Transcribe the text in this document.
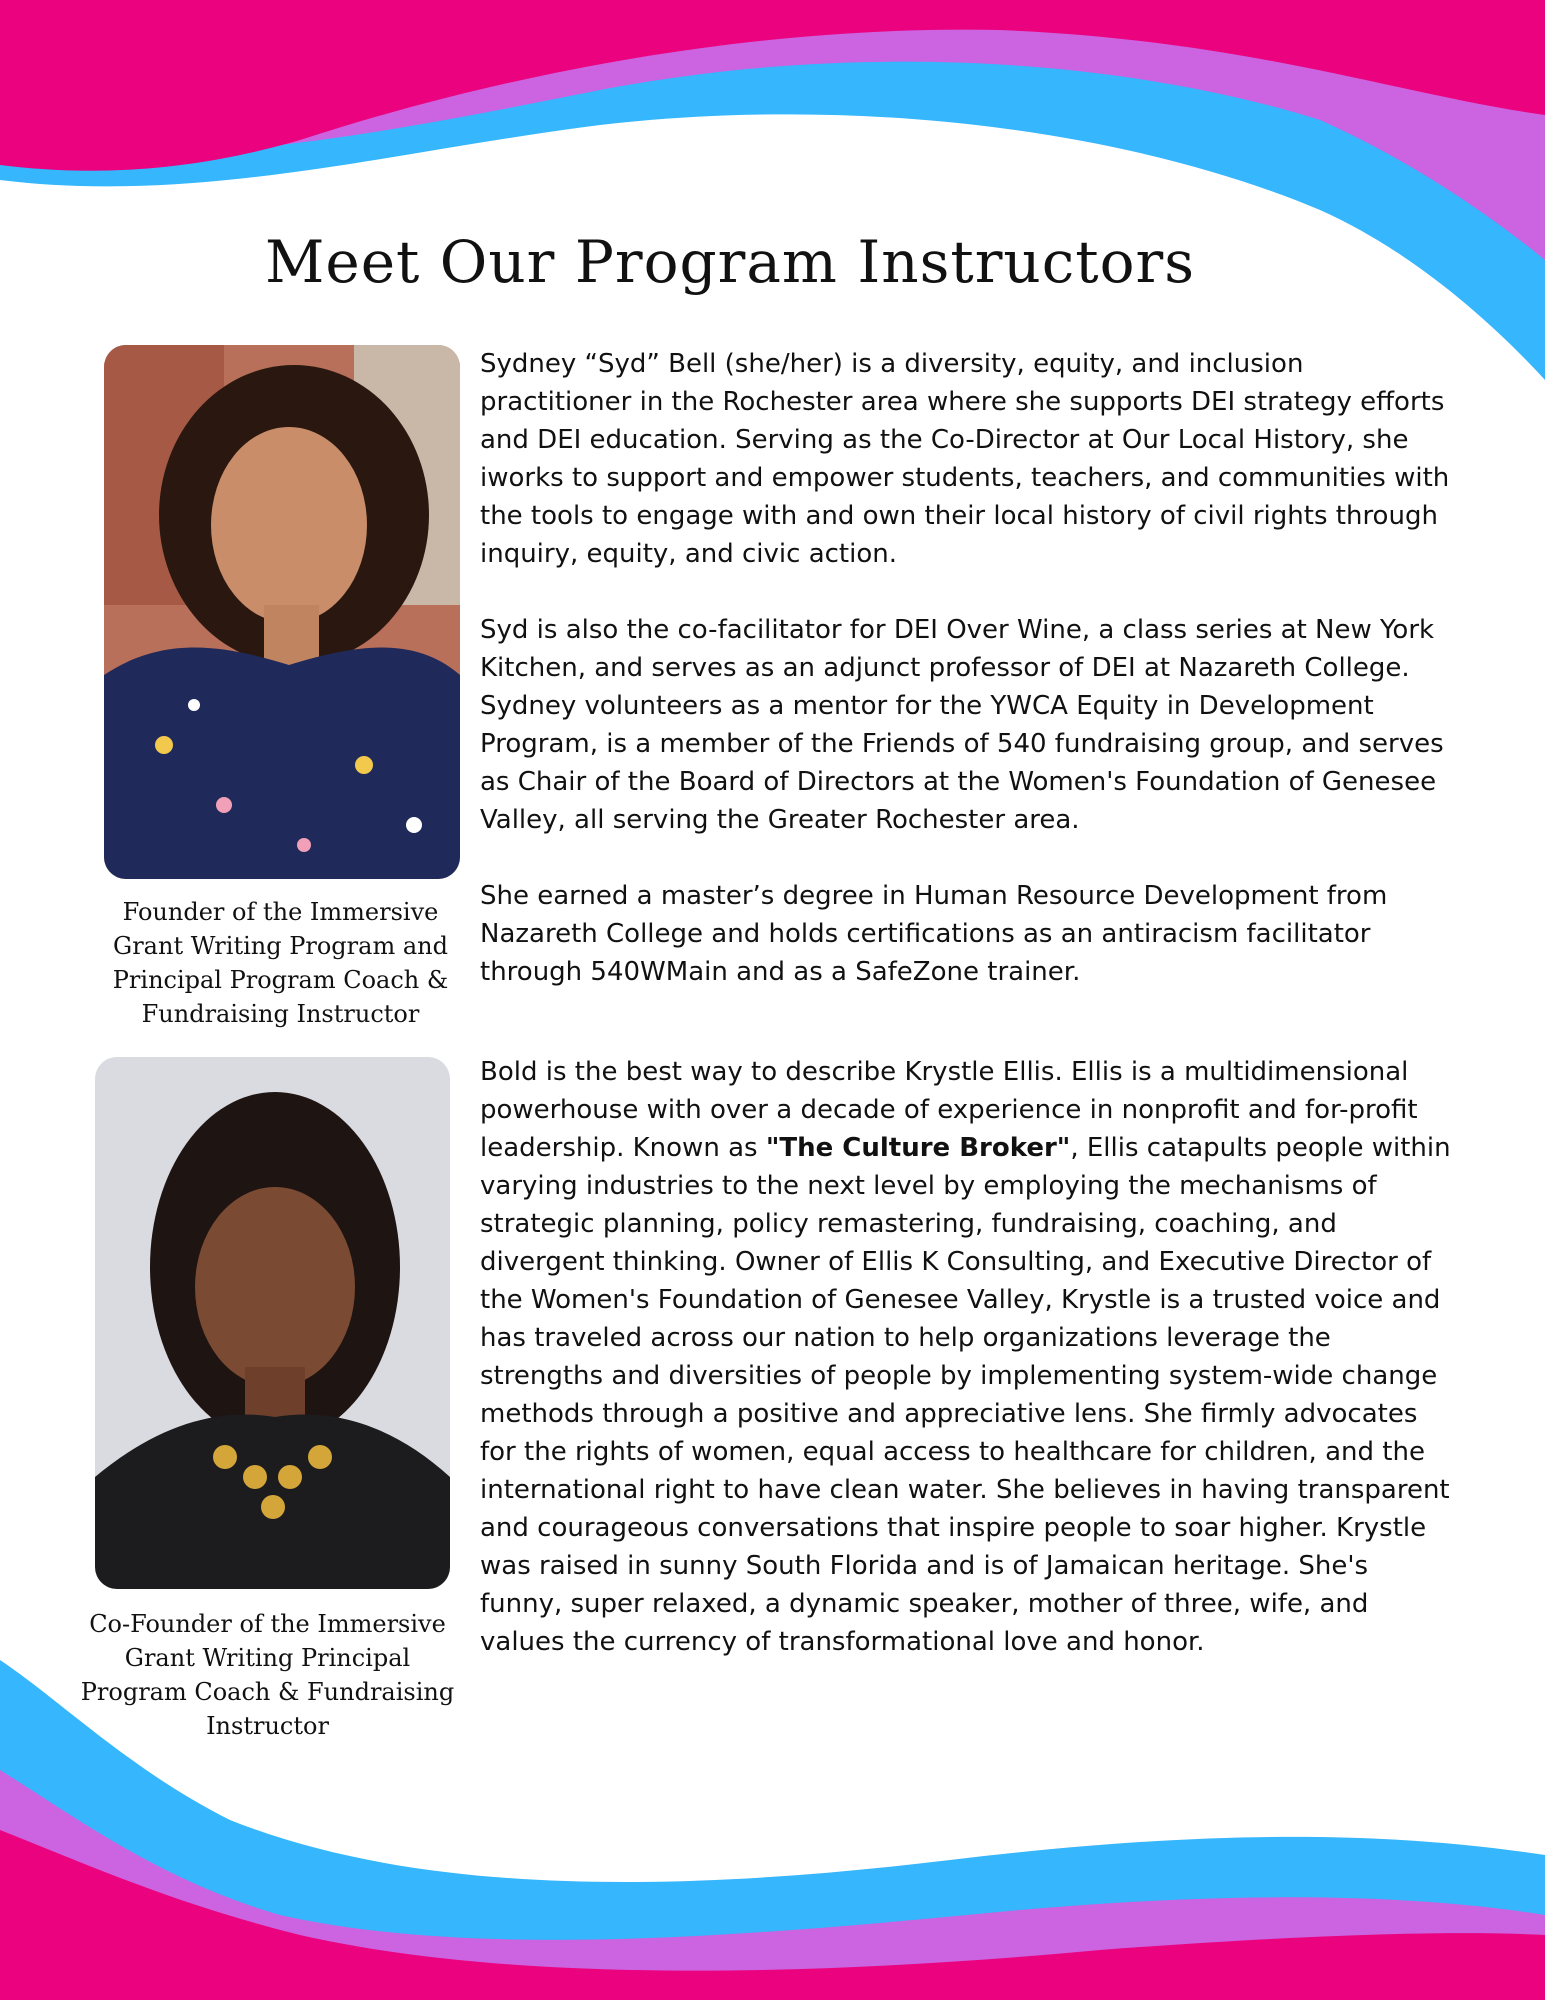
Meet Our Program Instructors

Founder of the Immersive Grant Writing Program and Principal Program Coach & Fundraising Instructor

Sydney “Syd” Bell (she/her) is a diversity, equity, and inclusion practitioner in the Rochester area where she supports DEI strategy efforts and DEI education. Serving as the Co-Director at Our Local History, she iworks to support and empower students, teachers, and communities with the tools to engage with and own their local history of civil rights through inquiry, equity, and civic action.

Syd is also the co-facilitator for DEI Over Wine, a class series at New York Kitchen, and serves as an adjunct professor of DEI at Nazareth College. Sydney volunteers as a mentor for the YWCA Equity in Development Program, is a member of the Friends of 540 fundraising group, and serves as Chair of the Board of Directors at the Women's Foundation of Genesee Valley, all serving the Greater Rochester area.

She earned a master’s degree in Human Resource Development from Nazareth College and holds certifications as an antiracism facilitator through 540WMain and as a SafeZone trainer.

Co-Founder of the Immersive Grant Writing Principal Program Coach & Fundraising Instructor

Bold is the best way to describe Krystle Ellis. Ellis is a multidimensional powerhouse with over a decade of experience in nonprofit and for-profit leadership. Known as "The Culture Broker", Ellis catapults people within varying industries to the next level by employing the mechanisms of strategic planning, policy remastering, fundraising, coaching, and divergent thinking. Owner of Ellis K Consulting, and Executive Director of the Women's Foundation of Genesee Valley, Krystle is a trusted voice and has traveled across our nation to help organizations leverage the strengths and diversities of people by implementing system-wide change methods through a positive and appreciative lens. She firmly advocates for the rights of women, equal access to healthcare for children, and the international right to have clean water. She believes in having transparent and courageous conversations that inspire people to soar higher. Krystle was raised in sunny South Florida and is of Jamaican heritage. She's funny, super relaxed, a dynamic speaker, mother of three, wife, and values the currency of transformational love and honor.
